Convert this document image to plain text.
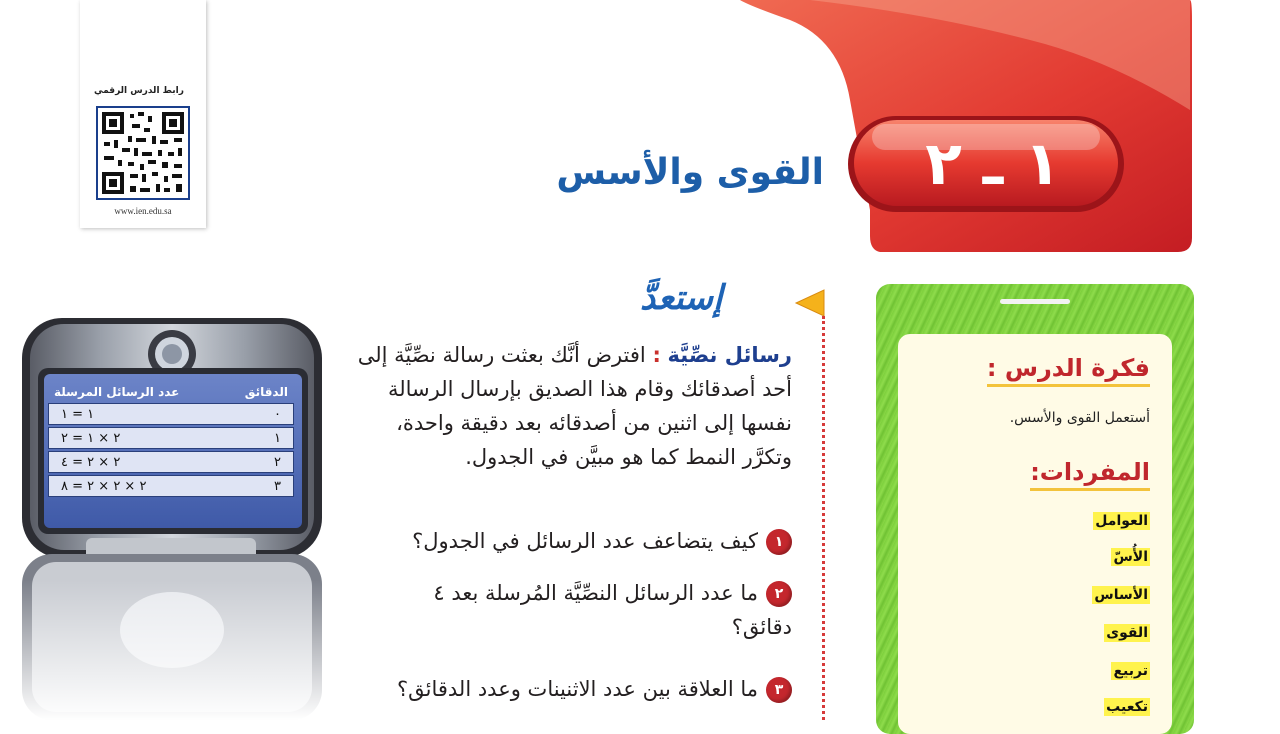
رابط الدرس الرقمي
www.ien.edu.sa
١ ـ ٢
القوى والأسس
إستعدَّ
الدقائق
عدد الرسائل المرسلة
٠
١ = ١
١
٢ × ١ = ٢
٢
٢ × ٢ = ٤
٣
٢ × ٢ × ٢ = ٨
رسائل نصِّيَّة : افترض أنَّك بعثت رسالة نصِّيَّة إلى أحد أصدقائك وقام هذا الصديق بإرسال الرسالة نفسها إلى اثنين من أصدقائه بعد دقيقة واحدة، وتكرَّر النمط كما هو مبيَّن في الجدول.
١كيف يتضاعف عدد الرسائل في الجدول؟
٢ما عدد الرسائل النصِّيَّة المُرسلة بعد ٤ دقائق؟
٣ما العلاقة بين عدد الاثنينات وعدد الدقائق؟
فكرة الدرس :
أستعمل القوى والأسس.
المفردات:
العوامل
الأُسّ
الأساس
القوى
تربيع
تكعيب
